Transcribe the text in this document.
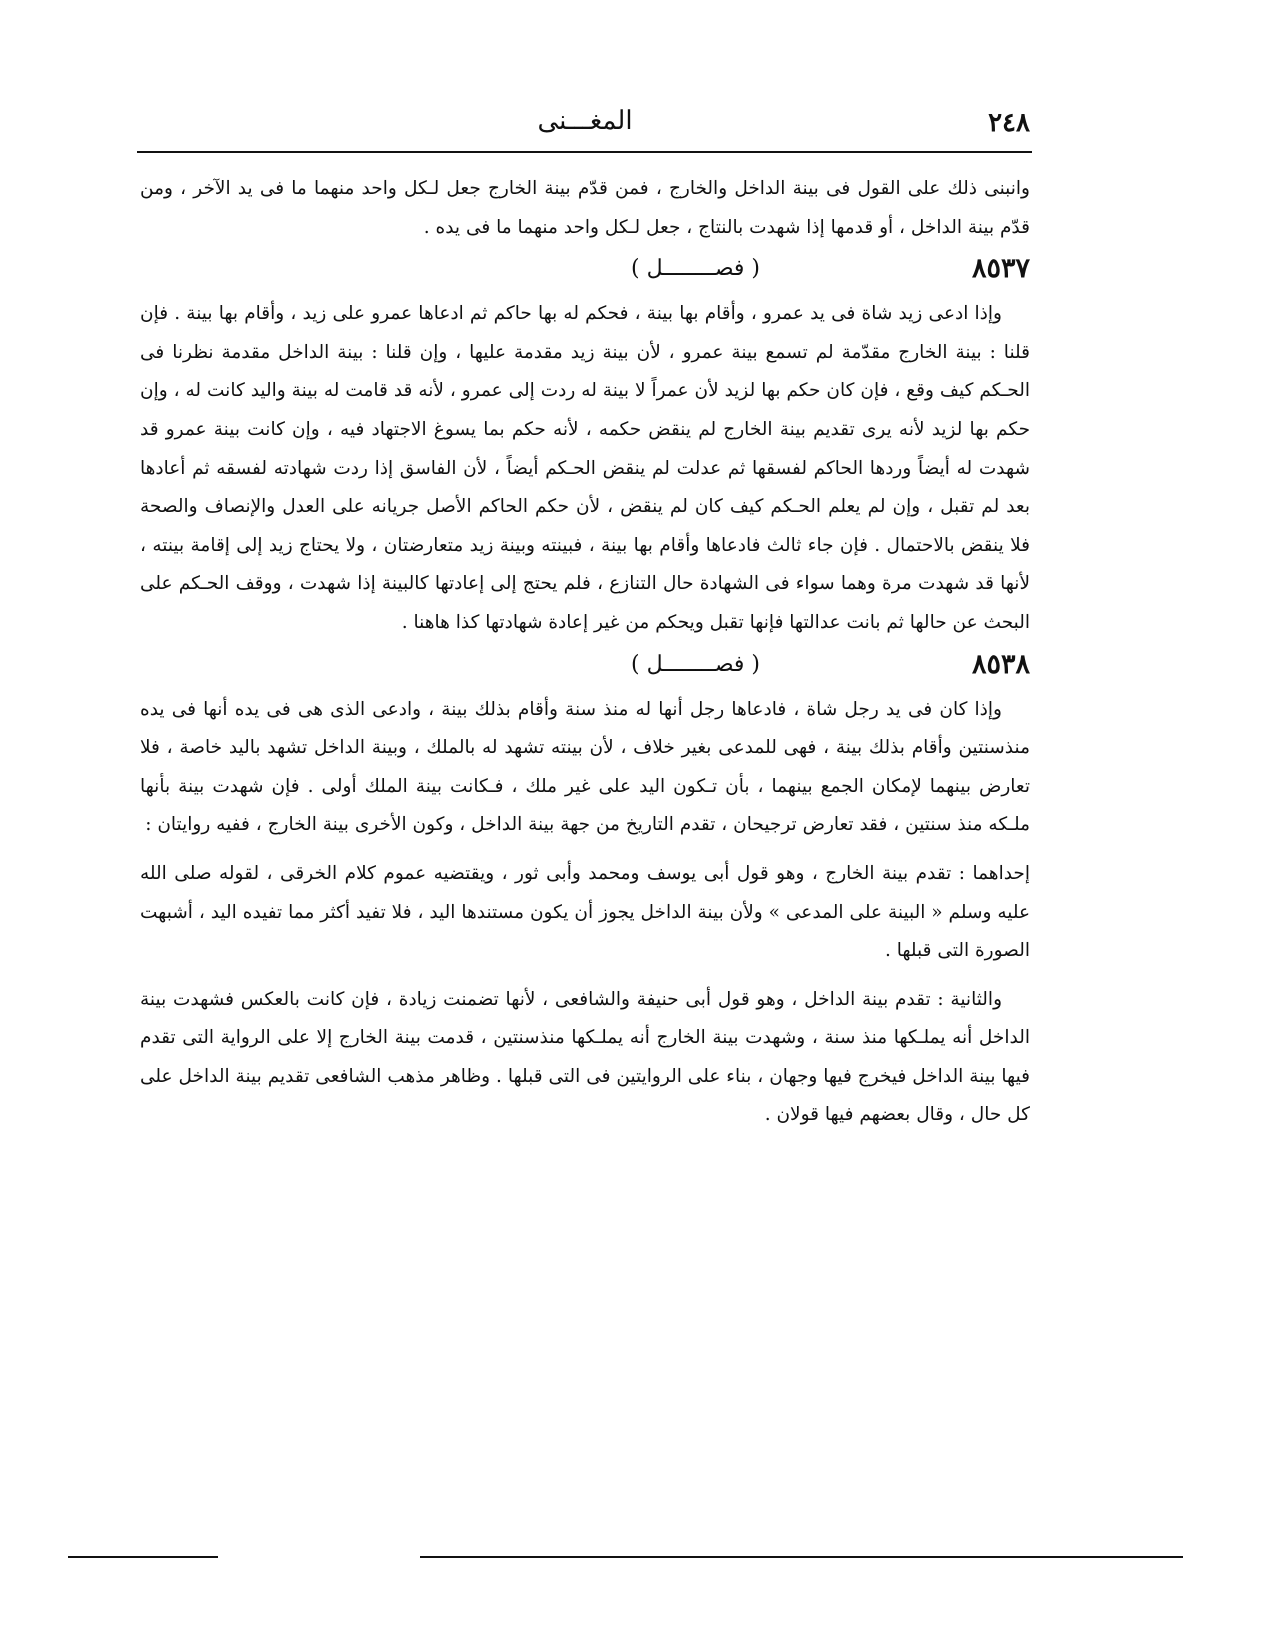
٢٤٨
المغـــنى

وانبنى ذلك على القول فى بينة الداخل والخارج ، فمن قدّم بينة الخارج جعل لـكل واحد منهما ما فى يد الآخر ، ومن قدّم بينة الداخل ، أو قدمها إذا شهدت بالنتاج ، جعل لـكل واحد منهما ما فى يده .

٨٥٣٧
( فصــــــــل )

وإذا ادعى زيد شاة فى يد عمرو ، وأقام بها بينة ، فحكم له بها حاكم ثم ادعاها عمرو على زيد ، وأقام بها بينة . فإن قلنا : بينة الخارج مقدّمة لم تسمع بينة عمرو ، لأن بينة زيد مقدمة عليها ، وإن قلنا : بينة الداخل مقدمة نظرنا فى الحـكم كيف وقع ، فإن كان حكم بها لزيد لأن عمراً لا بينة له ردت إلى عمرو ، لأنه قد قامت له بينة واليد كانت له ، وإن حكم بها لزيد لأنه يرى تقديم بينة الخارج لم ينقض حكمه ، لأنه حكم بما يسوغ الاجتهاد فيه ، وإن كانت بينة عمرو قد شهدت له أيضاً وردها الحاكم لفسقها ثم عدلت لم ينقض الحـكم أيضاً ، لأن الفاسق إذا ردت شهادته لفسقه ثم أعادها بعد لم تقبل ، وإن لم يعلم الحـكم كيف كان لم ينقض ، لأن حكم الحاكم الأصل جريانه على العدل والإنصاف والصحة فلا ينقض بالاحتمال . فإن جاء ثالث فادعاها وأقام بها بينة ، فبينته وبينة زيد متعارضتان ، ولا يحتاج زيد إلى إقامة بينته ، لأنها قد شهدت مرة وهما سواء فى الشهادة حال التنازع ، فلم يحتج إلى إعادتها كالبينة إذا شهدت ، ووقف الحـكم على البحث عن حالها ثم بانت عدالتها فإنها تقبل ويحكم من غير إعادة شهادتها كذا هاهنا .

٨٥٣٨
( فصــــــــل )

وإذا كان فى يد رجل شاة ، فادعاها رجل أنها له منذ سنة وأقام بذلك بينة ، وادعى الذى هى فى يده أنها فى يده منذسنتين وأقام بذلك بينة ، فهى للمدعى بغير خلاف ، لأن بينته تشهد له بالملك ، وبينة الداخل تشهد باليد خاصة ، فلا تعارض بينهما لإمكان الجمع بينهما ، بأن تـكون اليد على غير ملك ، فـكانت بينة الملك أولى . فإن شهدت بينة بأنها ملـكه منذ سنتين ، فقد تعارض ترجيحان ، تقدم التاريخ من جهة بينة الداخل ، وكون الأخرى بينة الخارج ، ففيه روايتان :

إحداهما : تقدم بينة الخارج ، وهو قول أبى يوسف ومحمد وأبى ثور ، ويقتضيه عموم كلام الخرقى ، لقوله صلى الله عليه وسلم « البينة على المدعى » ولأن بينة الداخل يجوز أن يكون مستندها اليد ، فلا تفيد أكثر مما تفيده اليد ، أشبهت الصورة التى قبلها .

والثانية : تقدم بينة الداخل ، وهو قول أبى حنيفة والشافعى ، لأنها تضمنت زيادة ، فإن كانت بالعكس فشهدت بينة الداخل أنه يملـكها منذ سنة ، وشهدت بينة الخارج أنه يملـكها منذسنتين ، قدمت بينة الخارج إلا على الرواية التى تقدم فيها بينة الداخل فيخرج فيها وجهان ، بناء على الروايتين فى التى قبلها . وظاهر مذهب الشافعى تقديم بينة الداخل على كل حال ، وقال بعضهم فيها قولان .
